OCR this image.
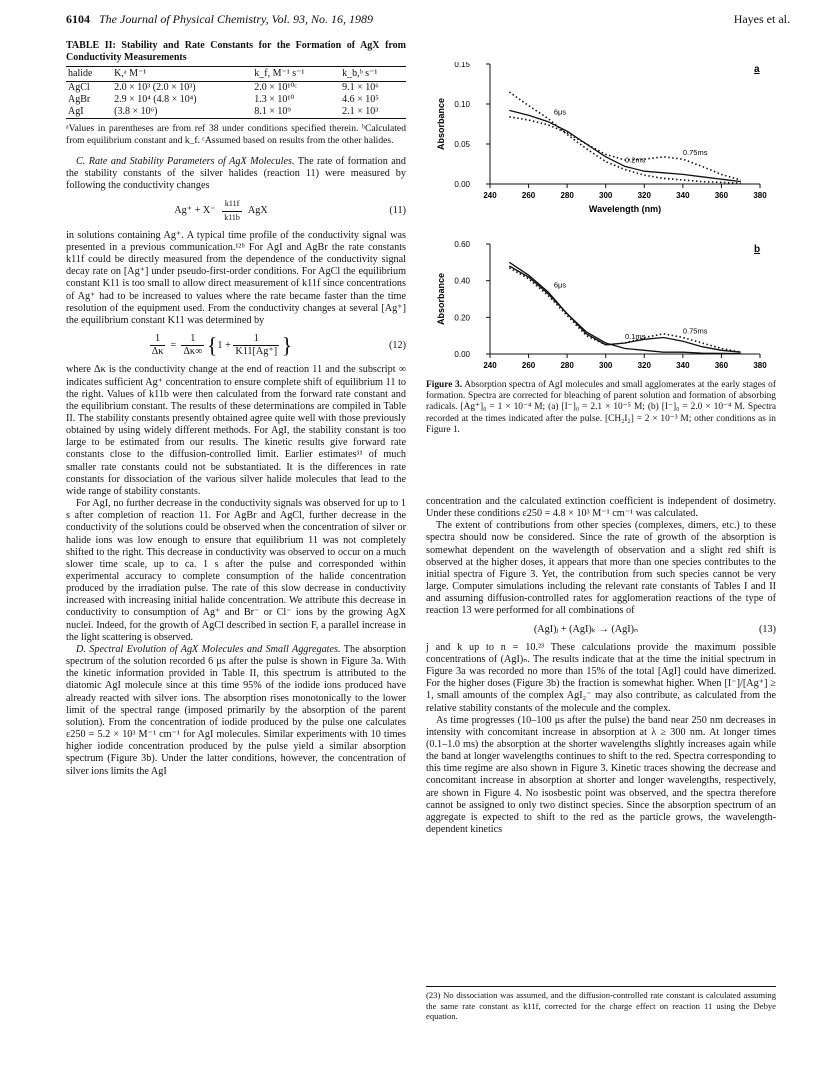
6104 The Journal of Physical Chemistry, Vol. 93, No. 16, 1989	Hayes et al.
TABLE II: Stability and Rate Constants for the Formation of AgX from Conductivity Measurements
halide	K,ᵃ M⁻¹	k_f, M⁻¹ s⁻¹	k_b,ᵇ s⁻¹
AgCl	2.0 × 10³ (2.0 × 10³)	2.0 × 10¹⁰ᶜ	9.1 × 10⁶
AgBr	2.9 × 10⁴ (4.8 × 10⁴)	1.3 × 10¹⁰	4.6 × 10⁵
AgI	(3.8 × 10⁶)	8.1 × 10⁹	2.1 × 10³
ᵃValues in parentheses are from ref 38 under conditions specified therein. ᵇCalculated from equilibrium constant and k_f. ᶜAssumed based on results from the other halides.

C. Rate and Stability Parameters of AgX Molecules. The rate of formation and the stability constants of the silver halides (reaction 11) were measured by following the conductivity changes

$Ag^+ + X^- \frac{k11f}{k11b}$ AgX	(11)

in solutions containing Ag⁺. A typical time profile of the conductivity signal was presented in a previous communication.¹²ᵇ For AgI and AgBr the rate constants k11f could be directly measured from the dependence of the conductivity signal decay rate on [Ag⁺] under pseudo-first-order conditions. For AgCl the equilibrium constant K11 is too small to allow direct measurement of k11f since concentrations of Ag⁺ had to be increased to values where the rate became faster than the time resolution of the equipment used. From the conductivity changes at several [Ag⁺] the equilibrium constant K11 was determined by

$\frac{1}{\Delta\kappa} = \frac{1}{\Delta\kappa\infty} \{1 + \frac{1}{K11[Ag^+]}$ }	(12)

where Δκ is the conductivity change at the end of reaction 11 and the subscript ∞ indicates sufficient Ag⁺ concentration to ensure complete shift of equilibrium 11 to the right. Values of k11b were then calculated from the forward rate constant and the equilibrium constant. The results of these determinations are compiled in Table II. The stability constants presently obtained agree quite well with those previously obtained by using widely different methods. For AgI, the stability constant is too large to be estimated from our results. The kinetic results give forward rate constants close to the diffusion-controlled limit. Earlier estimates¹¹ of much smaller rate constants could not be substantiated. It is the differences in rate constants for dissociation of the various silver halide molecules that lead to the wide range of stability constants.

For AgI, no further decrease in the conductivity signals was observed for up to 1 s after completion of reaction 11. For AgBr and AgCl, further decrease in the conductivity of the solutions could be observed when the concentration of silver or halide ions was low enough to ensure that equilibrium 11 was not completely shifted to the right. This decrease in conductivity was observed to occur on a much slower time scale, up to ca. 1 s after the pulse and corresponded within experimental accuracy to complete consumption of the halide concentration produced by the irradiation pulse. The rate of this slow decrease in conductivity increased with increasing initial halide concentration. We attribute this decrease in conductivity to consumption of Ag⁺ and Br⁻ or Cl⁻ ions by the growing AgX nuclei. Indeed, for the growth of AgCl described in section F, a parallel increase in the light scattering is observed.

D. Spectral Evolution of AgX Molecules and Small Aggregates. The absorption spectrum of the solution recorded 6 μs after the pulse is shown in Figure 3a. With the kinetic information provided in Table II, this spectrum is attributed to the diatomic AgI molecule since at this time 95% of the iodide ions produced have already reacted with silver ions. The absorption rises monotonically to the lower limit of the spectral range (imposed primarily by the absorption of the parent solution). From the concentration of iodide produced by the pulse one calculates ε250 = 5.2 × 10³ M⁻¹ cm⁻¹ for AgI molecules. Similar experiments with 10 times higher iodide concentration produced by the pulse yield a similar absorption spectrum (Figure 3b). Under the latter conditions, however, the concentration of silver ions limits the AgI

0.00
0.05
0.10
0.15
240	260	280	300	320	340	360	380
Wavelength (nm)
Absorbance
a
6μs
0.2ms
0.75ms
0.00
0.20
0.40
0.60
240	260	280	300	320	340	360	380
Absorbance
b
6μs
0.1ms
0.75ms
Figure 3. Absorption spectra of AgI molecules and small agglomerates at the early stages of formation. Spectra are corrected for bleaching of parent solution and formation of absorbing radicals. [Ag⁺]₀ = 1 × 10⁻⁴ M; (a) [I⁻]₀ = 2.1 × 10⁻⁵ M; (b) [I⁻]₀ = 2.0 × 10⁻⁴ M. Spectra recorded at the times indicated after the pulse. [CH₂I₂] = 2 × 10⁻³ M; other conditions as in Figure 1.

concentration and the calculated extinction coefficient is independent of dosimetry. Under these conditions ε250 = 4.8 × 10³ M⁻¹ cm⁻¹ was calculated.

The extent of contributions from other species (complexes, dimers, etc.) to these spectra should now be considered. Since the rate of growth of the absorption is somewhat dependent on the wavelength of observation and a slight red shift is observed at the higher doses, it appears that more than one species contributes to the initial spectra of Figure 3. Yet, the contribution from such species cannot be very large. Computer simulations including the relevant rate constants of Tables I and II and assuming diffusion-controlled rates for agglomeration reactions of the type of reaction 13 were performed for all combinations of

(AgI)ⱼ + (AgI)ₖ → (AgI)ₙ	(13)

j and k up to n = 10.²³ These calculations provide the maximum possible concentrations of (AgI)ₙ. The results indicate that at the time the initial spectrum in Figure 3a was recorded no more than 15% of the total [AgI] could have dimerized. For the higher doses (Figure 3b) the fraction is somewhat higher. When [I⁻]/[Ag⁺] ≥ 1, small amounts of the complex AgI₂⁻ may also contribute, as calculated from the relative stability constants of the molecule and the complex.

As time progresses (10–100 μs after the pulse) the band near 250 nm decreases in intensity with concomitant increase in absorption at λ ≥ 300 nm. At longer times (0.1–1.0 ms) the absorption at the shorter wavelengths slightly increases again while the band at longer wavelengths continues to shift to the red. Spectra corresponding to this time regime are also shown in Figure 3. Kinetic traces showing the decrease and concomitant increase in absorption at shorter and longer wavelengths, respectively, are shown in Figure 4. No isosbestic point was observed, and the spectra therefore cannot be assigned to only two distinct species. Since the absorption spectrum of an aggregate is expected to shift to the red as the particle grows, the wavelength-dependent kinetics

(23) No dissociation was assumed, and the diffusion-controlled rate constant is calculated assuming the same rate constant as k11f, corrected for the charge effect on reaction 11 using the Debye equation.
